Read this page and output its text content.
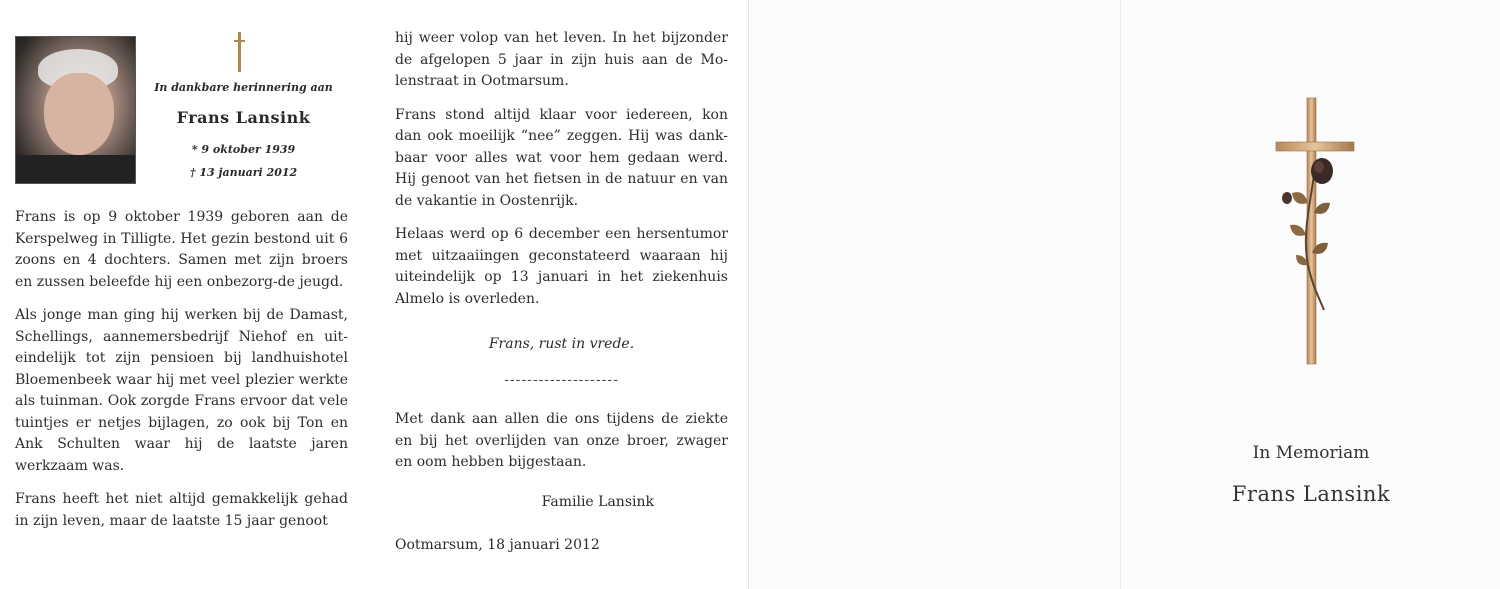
In dankbare herinnering aan
Frans Lansink
* 9 oktober 1939
† 13 januari 2012

Frans is op 9 oktober 1939 geboren aan de Kerspelweg in Tilligte. Het gezin bestond uit 6 zoons en 4 dochters. Samen met zijn broers en zussen beleefde hij een onbezorg-de jeugd.

Als jonge man ging hij werken bij de Damast, Schellings, aannemersbedrijf Niehof en uit-eindelijk tot zijn pensioen bij landhuishotel Bloemenbeek waar hij met veel plezier werkte als tuinman. Ook zorgde Frans ervoor dat vele tuintjes er netjes bijlagen, zo ook bij Ton en Ank Schulten waar hij de laatste jaren werkzaam was.

Frans heeft het niet altijd gemakkelijk gehad in zijn leven, maar de laatste 15 jaar genoot

hij weer volop van het leven. In het bijzonder de afgelopen 5 jaar in zijn huis aan de Mo-lenstraat in Ootmarsum.

Frans stond altijd klaar voor iedereen, kon dan ook moeilijk “nee” zeggen. Hij was dank-baar voor alles wat voor hem gedaan werd. Hij genoot van het fietsen in de natuur en van de vakantie in Oostenrijk.

Helaas werd op 6 december een hersentumor met uitzaaiingen geconstateerd waaraan hij uiteindelijk op 13 januari in het ziekenhuis Almelo is overleden.

Frans, rust in vrede.
--------------------

Met dank aan allen die ons tijdens de ziekte en bij het overlijden van onze broer, zwager en oom hebben bijgestaan.

Familie Lansink
Ootmarsum, 18 januari 2012
In Memoriam
Frans Lansink
